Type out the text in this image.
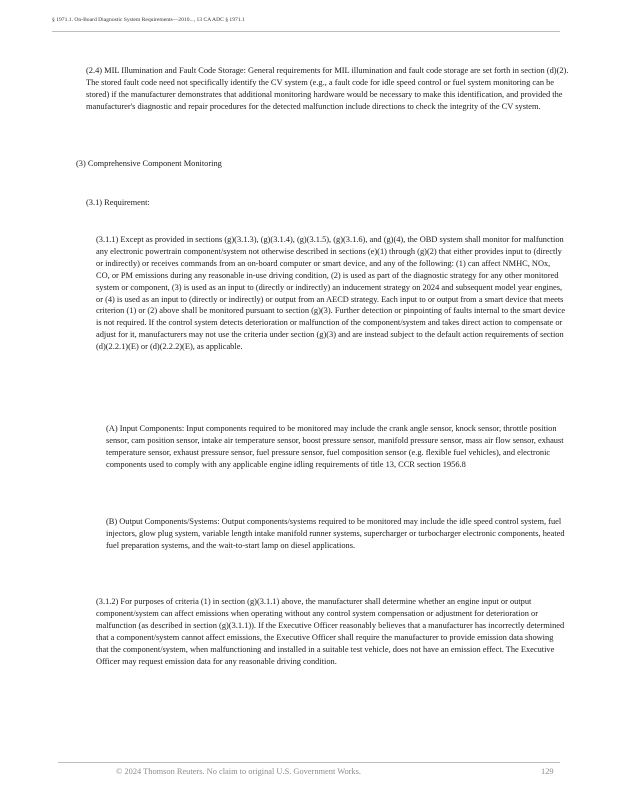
§ 1971.1. On-Board Diagnostic System Requirements—2010..., 13 CA ADC § 1971.1

(2.4) MIL Illumination and Fault Code Storage: General requirements for MIL illumination and fault code storage are set forth in section (d)(2). The stored fault code need not specifically identify the CV system (e.g., a fault code for idle speed control or fuel system monitoring can be stored) if the manufacturer demonstrates that additional monitoring hardware would be necessary to make this identification, and provided the manufacturer's diagnostic and repair procedures for the detected malfunction include directions to check the integrity of the CV system.

(3) Comprehensive Component Monitoring

(3.1) Requirement:

(3.1.1) Except as provided in sections (g)(3.1.3), (g)(3.1.4), (g)(3.1.5), (g)(3.1.6), and (g)(4), the OBD system shall monitor for malfunction any electronic powertrain component/system not otherwise described in sections (e)(1) through (g)(2) that either provides input to (directly or indirectly) or receives commands from an on-board computer or smart device, and any of the following: (1) can affect NMHC, NOx, CO, or PM emissions during any reasonable in-use driving condition, (2) is used as part of the diagnostic strategy for any other monitored system or component, (3) is used as an input to (directly or indirectly) an inducement strategy on 2024 and subsequent model year engines, or (4) is used as an input to (directly or indirectly) or output from an AECD strategy. Each input to or output from a smart device that meets criterion (1) or (2) above shall be monitored pursuant to section (g)(3). Further detection or pinpointing of faults internal to the smart device is not required. If the control system detects deterioration or malfunction of the component/system and takes direct action to compensate or adjust for it, manufacturers may not use the criteria under section (g)(3) and are instead subject to the default action requirements of section (d)(2.2.1)(E) or (d)(2.2.2)(E), as applicable.

(A) Input Components: Input components required to be monitored may include the crank angle sensor, knock sensor, throttle position sensor, cam position sensor, intake air temperature sensor, boost pressure sensor, manifold pressure sensor, mass air flow sensor, exhaust temperature sensor, exhaust pressure sensor, fuel pressure sensor, fuel composition sensor (e.g. flexible fuel vehicles), and electronic components used to comply with any applicable engine idling requirements of title 13, CCR section 1956.8

(B) Output Components/Systems: Output components/systems required to be monitored may include the idle speed control system, fuel injectors, glow plug system, variable length intake manifold runner systems, supercharger or turbocharger electronic components, heated fuel preparation systems, and the wait-to-start lamp on diesel applications.

(3.1.2) For purposes of criteria (1) in section (g)(3.1.1) above, the manufacturer shall determine whether an engine input or output component/system can affect emissions when operating without any control system compensation or adjustment for deterioration or malfunction (as described in section (g)(3.1.1)). If the Executive Officer reasonably believes that a manufacturer has incorrectly determined that a component/system cannot affect emissions, the Executive Officer shall require the manufacturer to provide emission data showing that the component/system, when malfunctioning and installed in a suitable test vehicle, does not have an emission effect. The Executive Officer may request emission data for any reasonable driving condition.

© 2024 Thomson Reuters. No claim to original U.S. Government Works.	129
